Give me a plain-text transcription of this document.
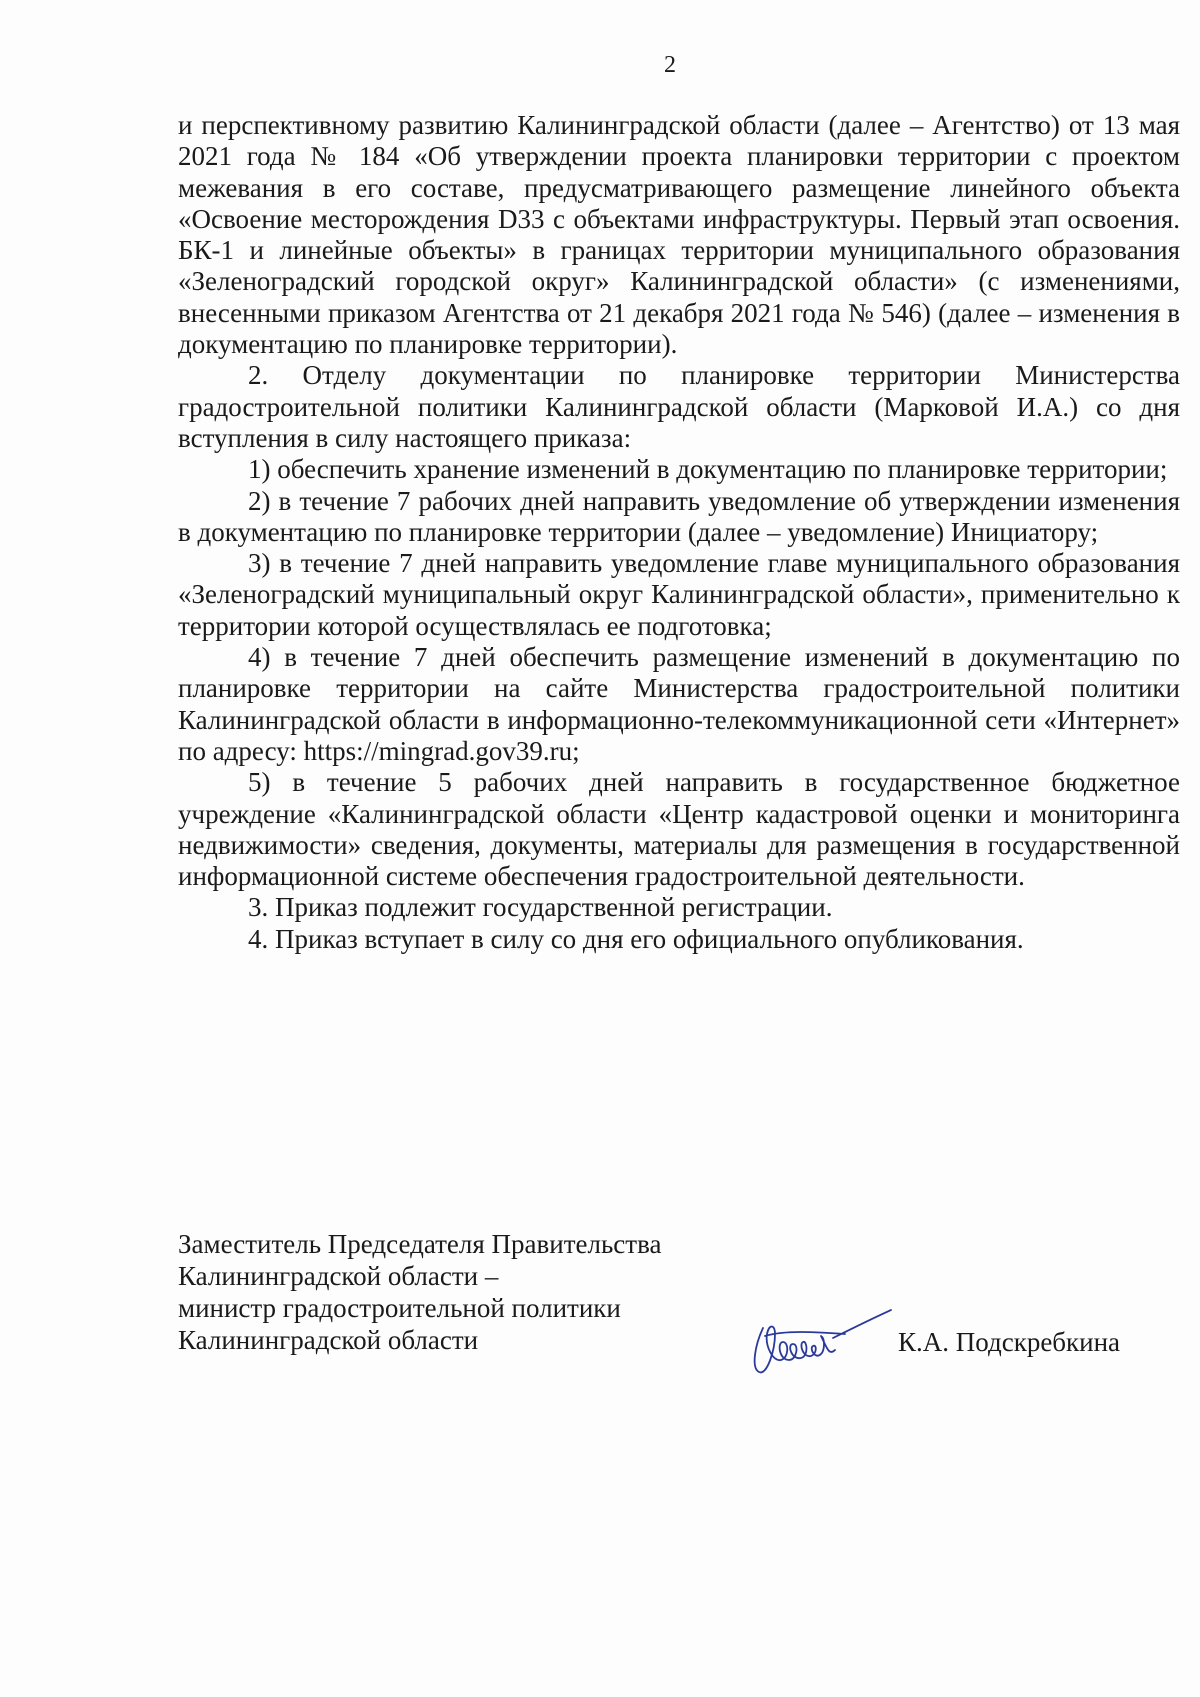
2

и перспективному развитию Калининградской области (далее – Агентство) от 13 мая 2021 года № 184 «Об утверждении проекта планировки территории с проектом межевания в его составе, предусматривающего размещение линейного объекта «Освоение месторождения D33 с объектами инфраструктуры. Первый этап освоения. БК-1 и линейные объекты» в границах территории муниципального образования «Зеленоградский городской округ» Калининградской области» (с изменениями, внесенными приказом Агентства от 21 декабря 2021 года № 546) (далее – изменения в документацию по планировке территории).

2. Отделу документации по планировке территории Министерства градостроительной политики Калининградской области (Марковой И.А.) со дня вступления в силу настоящего приказа:

1) обеспечить хранение изменений в документацию по планировке территории;

2) в течение 7 рабочих дней направить уведомление об утверждении изменения в документацию по планировке территории (далее – уведомление) Инициатору;

3) в течение 7 дней направить уведомление главе муниципального образования «Зеленоградский муниципальный округ Калининградской области», применительно к территории которой осуществлялась ее подготовка;

4) в течение 7 дней обеспечить размещение изменений в документацию по планировке территории на сайте Министерства градостроительной политики Калининградской области в информационно-телекоммуникационной сети «Интернет» по адресу: https://mingrad.gov39.ru;

5) в течение 5 рабочих дней направить в государственное бюджетное учреждение «Калининградской области «Центр кадастровой оценки и мониторинга недвижимости» сведения, документы, материалы для размещения в государственной информационной системе обеспечения градостроительной деятельности.

3. Приказ подлежит государственной регистрации.

4. Приказ вступает в силу со дня его официального опубликования.

Заместитель Председателя Правительства
Калининградской области –
министр градостроительной политики
Калининградской области	К.А. Подскребкина
